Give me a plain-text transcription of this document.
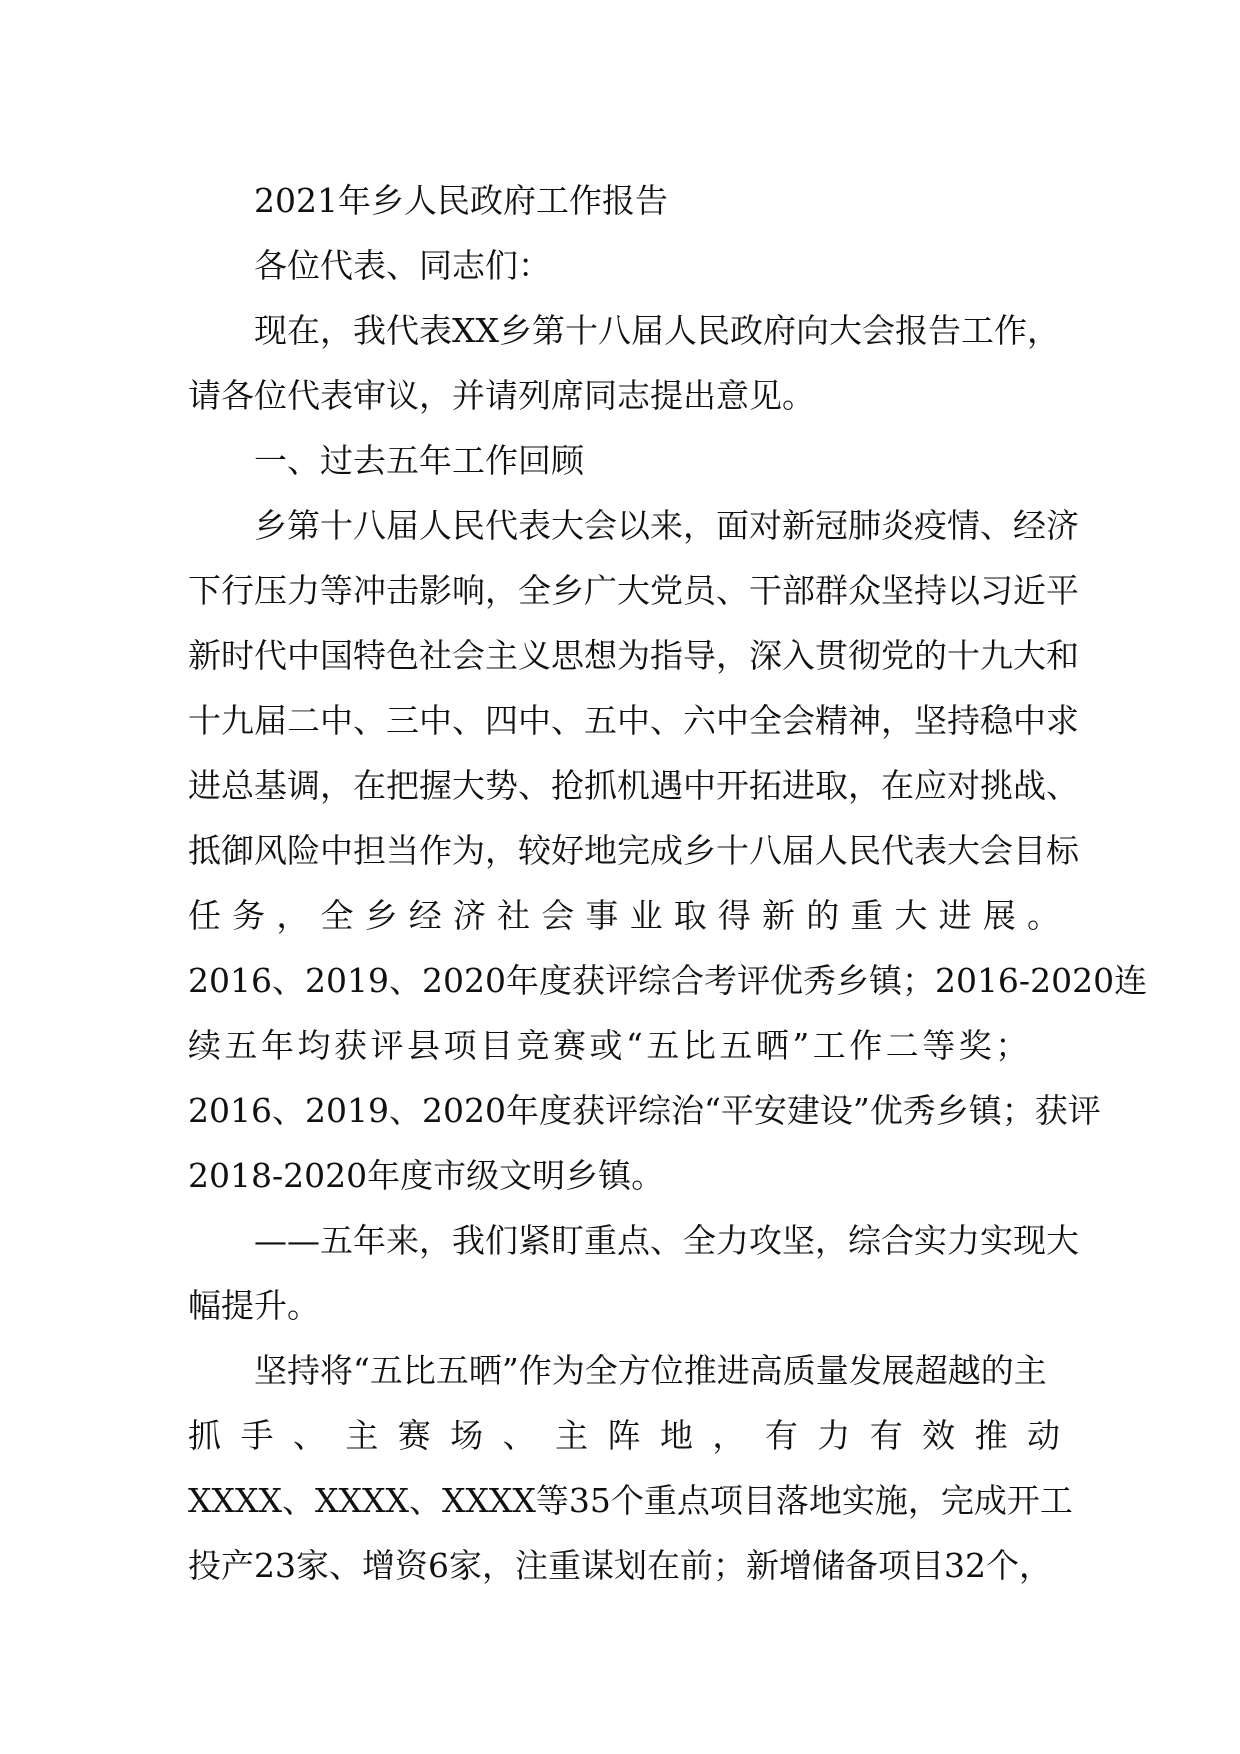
2021年乡人民政府工作报告

各位代表、同志们：

现在，我代表XX乡第十八届人民政府向大会报告工作，
请各位代表审议，并请列席同志提出意见。

一、过去五年工作回顾

乡第十八届人民代表大会以来，面对新冠肺炎疫情、经济
下行压力等冲击影响，全乡广大党员、干部群众坚持以习近平
新时代中国特色社会主义思想为指导，深入贯彻党的十九大和
十九届二中、三中、四中、五中、六中全会精神，坚持稳中求
进总基调，在把握大势、抢抓机遇中开拓进取，在应对挑战、
抵御风险中担当作为，较好地完成乡十八届人民代表大会目标
任 务 ， 全 乡 经 济 社 会 事 业 取 得 新 的 重 大 进 展 。
2016、2019、2020年度获评综合考评优秀乡镇；2016-2020连
续五年均获评县项目竞赛或“五比五晒”工作二等奖；
2016、2019、2020年度获评综治“平安建设”优秀乡镇；获评
2018-2020年度市级文明乡镇。

——五年来，我们紧盯重点、全力攻坚，综合实力实现大
幅提升。

坚持将“五比五晒”作为全方位推进高质量发展超越的主
抓 手 、 主 赛 场 、 主 阵 地 ， 有 力 有 效 推 动
XXXX、XXXX、XXXX等35个重点项目落地实施，完成开工
投产23家、增资6家，注重谋划在前；新增储备项目32个，
